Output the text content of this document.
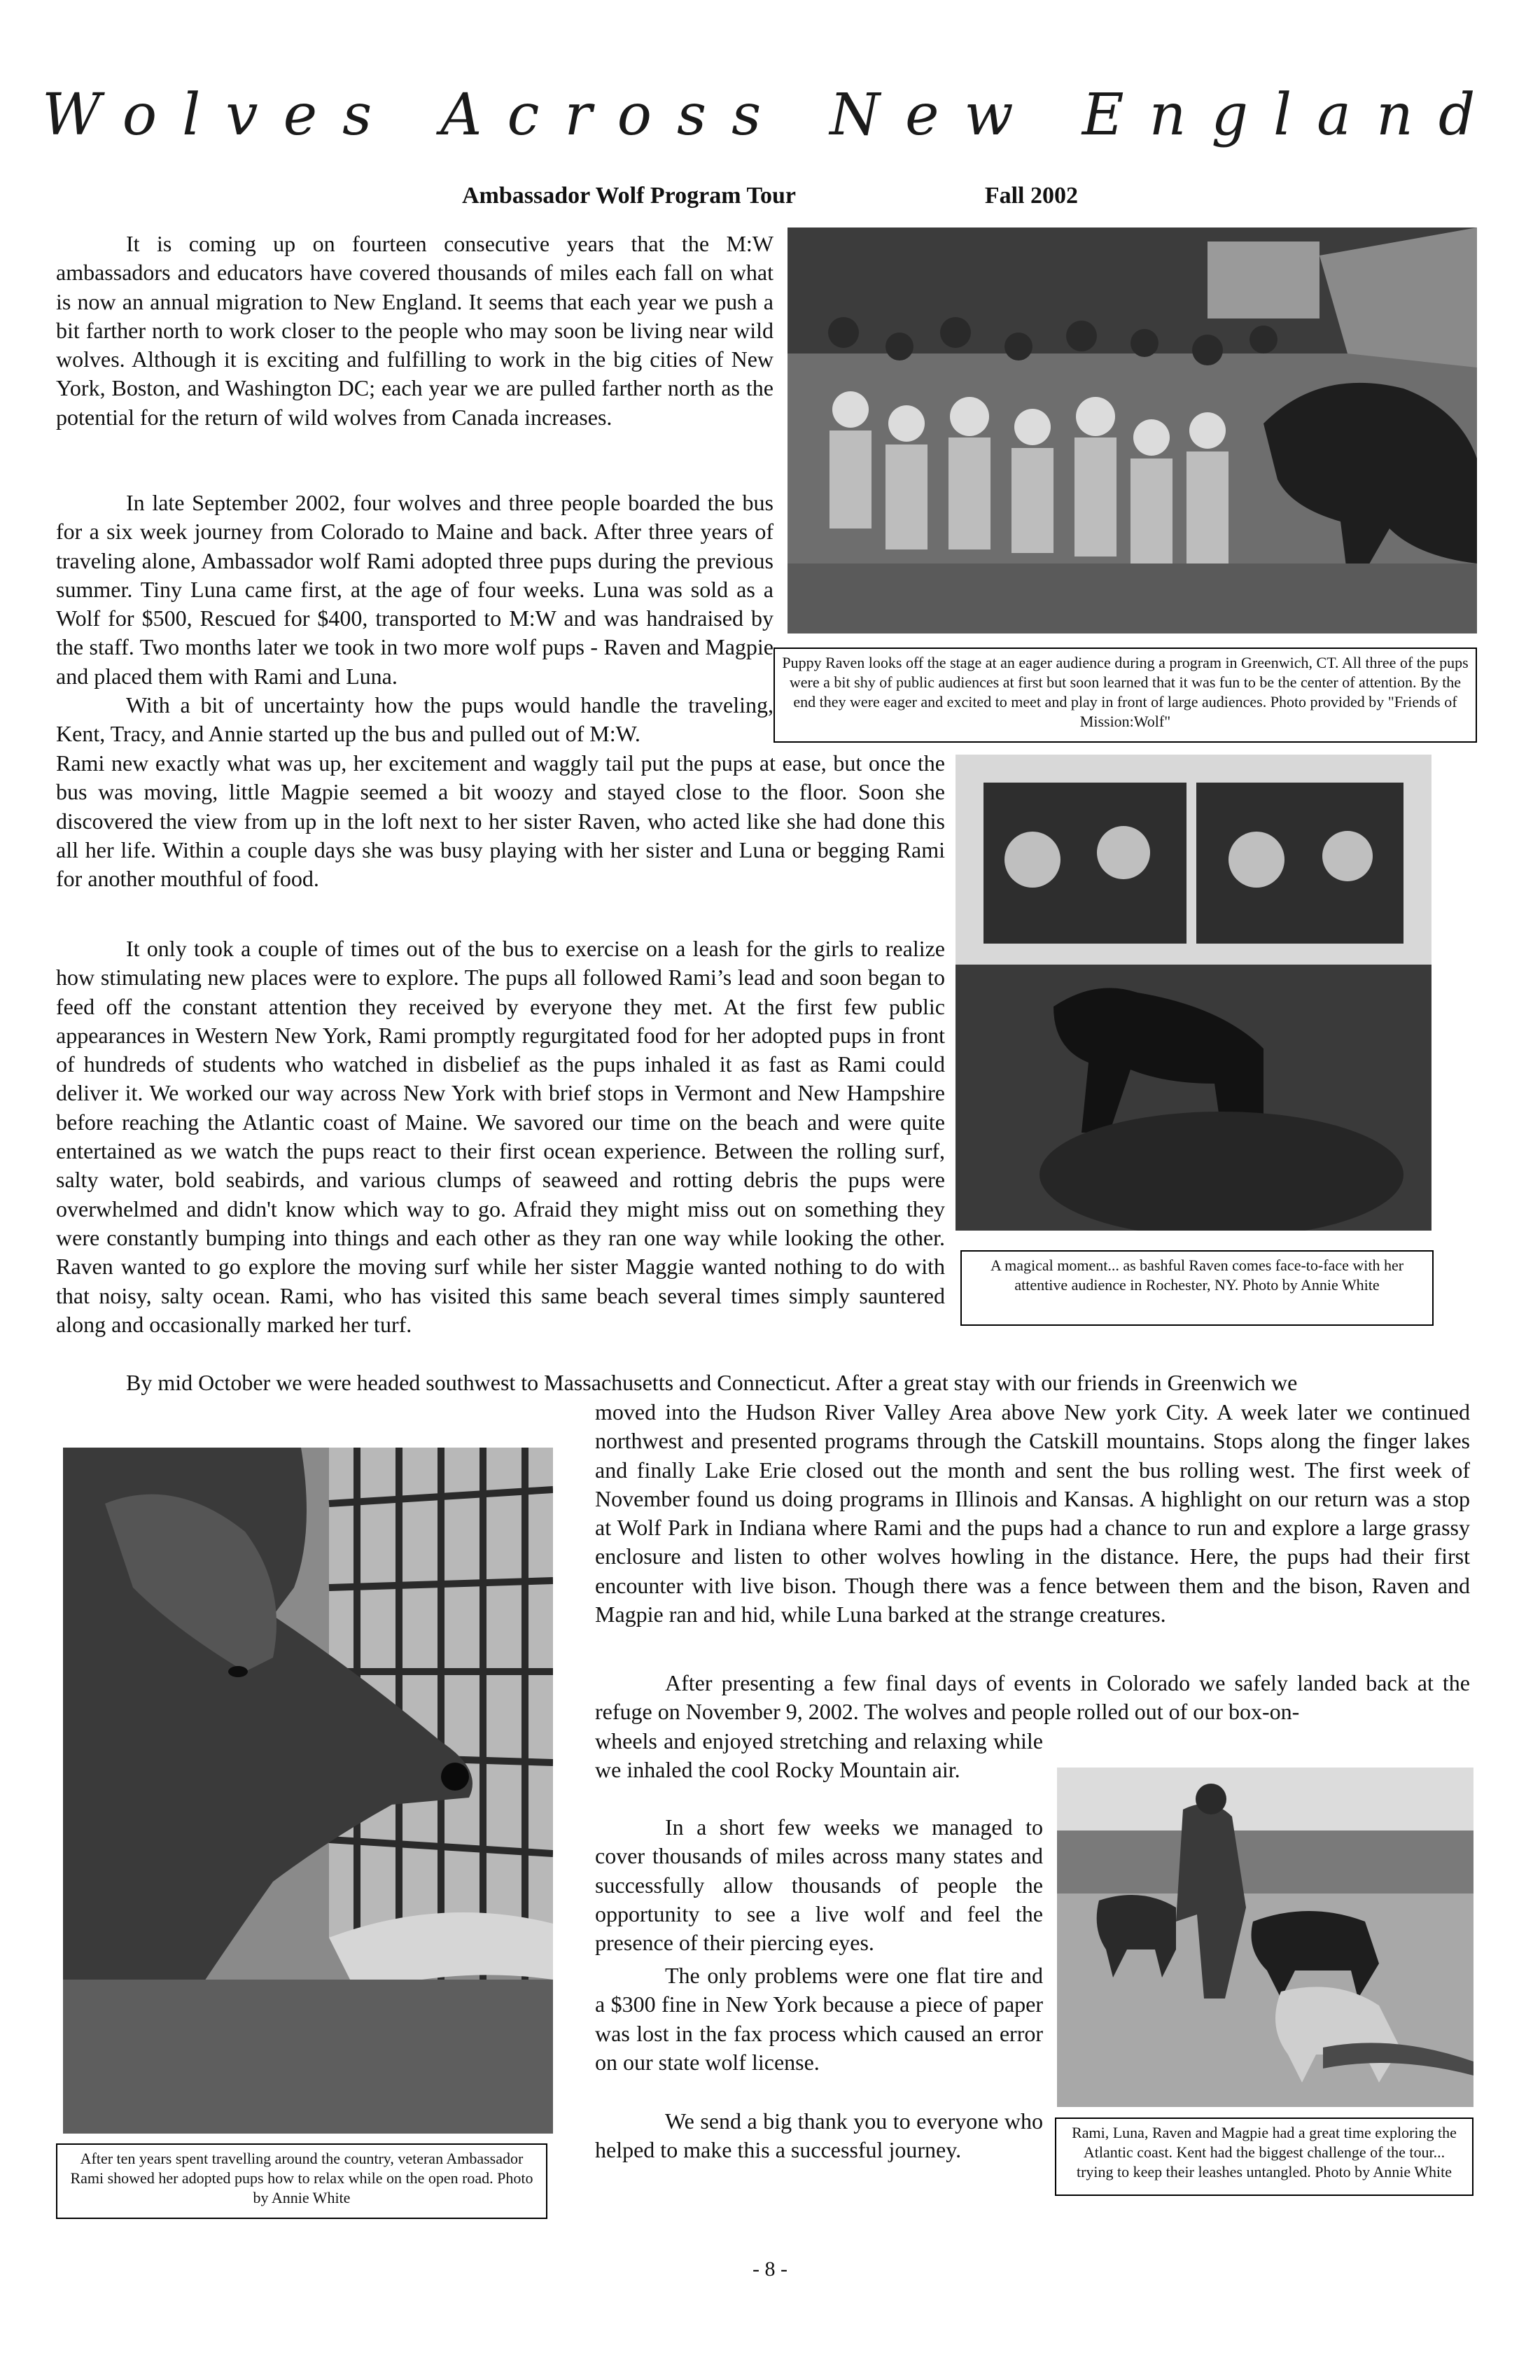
Wolves Across New England
Ambassador Wolf Program Tour	Fall 2002

It is coming up on fourteen consecutive years that the M:W ambassadors and educators have covered thousands of miles each fall on what is now an annual migration to New England. It seems that each year we push a bit farther north to work closer to the people who may soon be living near wild wolves. Although it is exciting and fulfilling to work in the big cities of New York, Boston, and Washington DC; each year we are pulled farther north as the potential for the return of wild wolves from Canada increases.

In late September 2002, four wolves and three people boarded the bus for a six week journey from Colorado to Maine and back. After three years of traveling alone, Ambassador wolf Rami adopted three pups during the previous summer. Tiny Luna came first, at the age of four weeks. Luna was sold as a Wolf for $500, Rescued for $400, transported to M:W and was handraised by the staff. Two months later we took in two more wolf pups - Raven and Magpie and placed them with Rami and Luna.

With a bit of uncertainty how the pups would handle the traveling, Kent, Tracy, and Annie started up the bus and pulled out of M:W.

Rami new exactly what was up, her excitement and waggly tail put the pups at ease, but once the bus was moving, little Magpie seemed a bit woozy and stayed close to the floor. Soon she discovered the view from up in the loft next to her sister Raven, who acted like she had done this all her life. Within a couple days she was busy playing with her sister and Luna or begging Rami for another mouthful of food.

It only took a couple of times out of the bus to exercise on a leash for the girls to realize how stimulating new places were to explore. The pups all followed Rami’s lead and soon began to feed off the constant attention they received by everyone they met. At the first few public appearances in Western New York, Rami promptly regurgitated food for her adopted pups in front of hundreds of students who watched in disbelief as the pups inhaled it as fast as Rami could deliver it. We worked our way across New York with brief stops in Vermont and New Hampshire before reaching the Atlantic coast of Maine. We savored our time on the beach and were quite entertained as we watch the pups react to their first ocean experience. Between the rolling surf, salty water, bold seabirds, and various clumps of seaweed and rotting debris the pups were overwhelmed and didn't know which way to go. Afraid they might miss out on something they were constantly bumping into things and each other as they ran one way while looking the other. Raven wanted to go explore the moving surf while her sister Maggie wanted nothing to do with that noisy, salty ocean. Rami, who has visited this same beach several times simply sauntered along and occasionally marked her turf.

By mid October we were headed southwest to Massachusetts and Connecticut. After a great stay with our friends in Greenwich we

moved into the Hudson River Valley Area above New york City. A week later we continued northwest and presented programs through the Catskill mountains. Stops along the finger lakes and finally Lake Erie closed out the month and sent the bus rolling west. The first week of November found us doing programs in Illinois and Kansas. A highlight on our return was a stop at Wolf Park in Indiana where Rami and the pups had a chance to run and explore a large grassy enclosure and listen to other wolves howling in the distance. Here, the pups had their first encounter with live bison. Though there was a fence between them and the bison, Raven and Magpie ran and hid, while Luna barked at the strange creatures.

After presenting a few final days of events in Colorado we safely landed back at the refuge on November 9, 2002. The wolves and people rolled out of our box-on-

wheels and enjoyed stretching and relaxing while we inhaled the cool Rocky Mountain air.

In a short few weeks we managed to cover thousands of miles across many states and successfully allow thousands of people the opportunity to see a live wolf and feel the presence of their piercing eyes.

The only problems were one flat tire and a $300 fine in New York because a piece of paper was lost in the fax process which caused an error on our state wolf license.

We send a big thank you to everyone who helped to make this a successful journey.

Puppy Raven looks off the stage at an eager audience during a program in Greenwich, CT. All three of the pups were a bit shy of public audiences at first but soon learned that it was fun to be the center of attention. By the end they were eager and excited to meet and play in front of large audiences. Photo provided by "Friends of Mission:Wolf"
A magical moment... as bashful Raven comes face-to-face with her attentive audience in Rochester, NY. Photo by Annie White
After ten years spent travelling around the country, veteran Ambassador Rami showed her adopted pups how to relax while on the open road. Photo by Annie White
Rami, Luna, Raven and Magpie had a great time exploring the Atlantic coast. Kent had the biggest challenge of the tour... trying to keep their leashes untangled. Photo by Annie White
- 8 -
